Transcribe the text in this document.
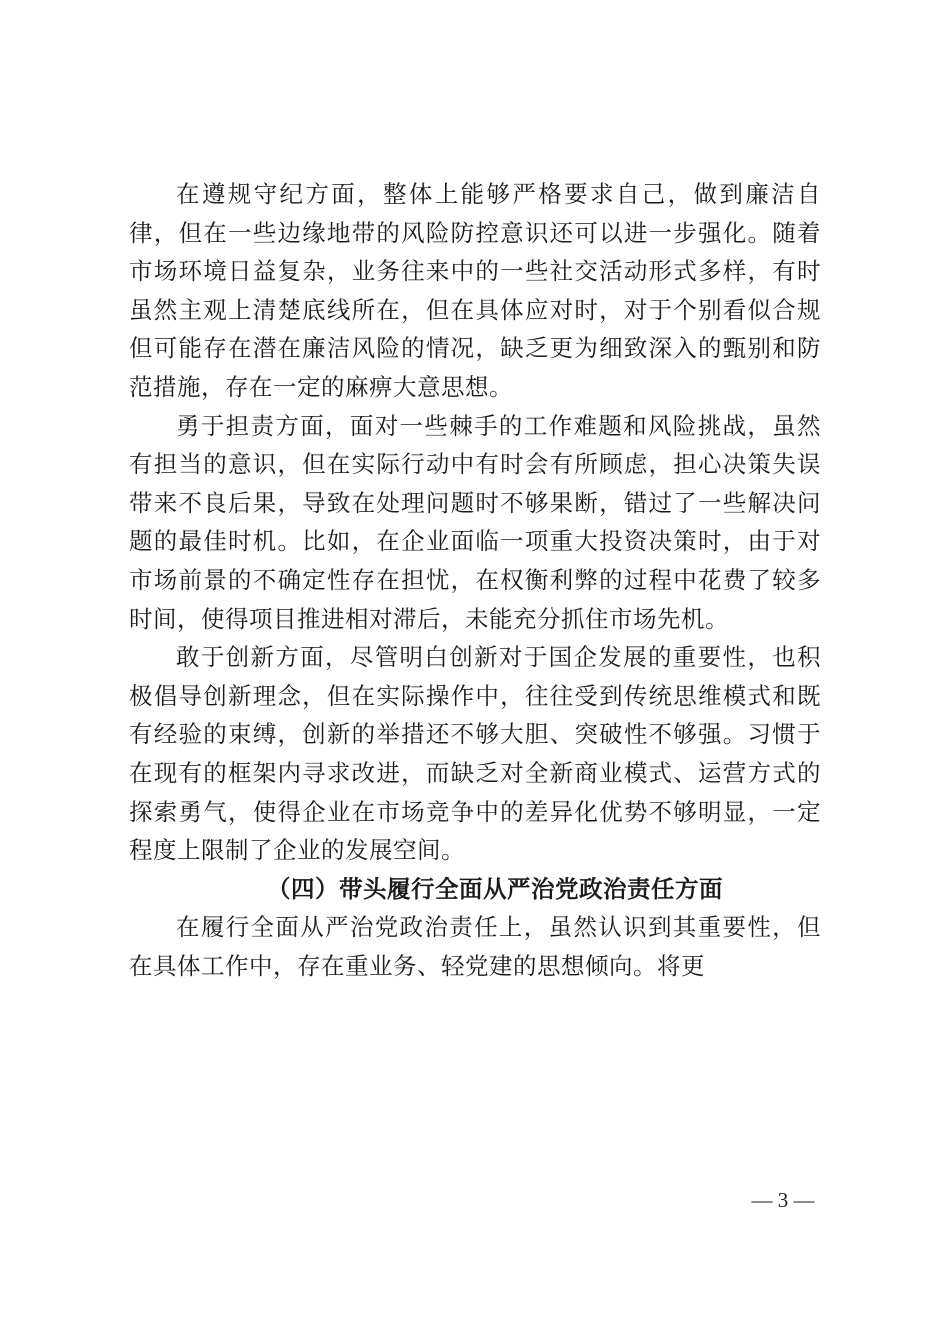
在遵规守纪方面，整体上能够严格要求自己，做到廉洁自律，但在一些边缘地带的风险防控意识还可以进一步强化。随着市场环境日益复杂，业务往来中的一些社交活动形式多样，有时虽然主观上清楚底线所在，但在具体应对时，对于个别看似合规但可能存在潜在廉洁风险的情况，缺乏更为细致深入的甄别和防范措施，存在一定的麻痹大意思想。

勇于担责方面，面对一些棘手的工作难题和风险挑战，虽然有担当的意识，但在实际行动中有时会有所顾虑，担心决策失误带来不良后果，导致在处理问题时不够果断，错过了一些解决问题的最佳时机。比如，在企业面临一项重大投资决策时，由于对市场前景的不确定性存在担忧，在权衡利弊的过程中花费了较多时间，使得项目推进相对滞后，未能充分抓住市场先机。

敢于创新方面，尽管明白创新对于国企发展的重要性，也积极倡导创新理念，但在实际操作中，往往受到传统思维模式和既有经验的束缚，创新的举措还不够大胆、突破性不够强。习惯于在现有的框架内寻求改进，而缺乏对全新商业模式、运营方式的探索勇气，使得企业在市场竞争中的差异化优势不够明显，一定程度上限制了企业的发展空间。

（四）带头履行全面从严治党政治责任方面

在履行全面从严治党政治责任上，虽然认识到其重要性，但在具体工作中，存在重业务、轻党建的思想倾向。将更

— 3 —
